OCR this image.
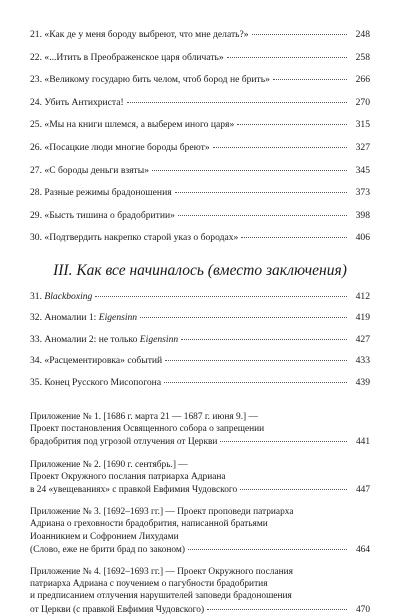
21. «Как де у меня бороду выбреют, что мне делать?»	248
22. «...Итить в Преображенское царя обличать»	258
23. «Великому государю бить челом, чтоб бород не брить»	266
24. Убить Антихриста!	270
25. «Мы на книги шлемся, а выберем иного царя»	315
26. «Посацкие люди многие бороды бреют»	327
27. «С бороды деньги взяты»	345
28. Разные режимы брадоношения	373
29. «Бысть тишина о брадобритии»	398
30. «Подтвердить накрепко старой указ о бородах»	406
III. Как все начиналось (вместо заключения)
31. Blackboxing	412
32. Аномалии 1: Eigensinn	419
33. Аномалии 2: не только Eigensinn	427
34. «Расцементировка» событий	433
35. Конец Русского Мисопогона	439
Приложение № 1. [1686 г. марта 21 — 1687 г. июня 9.] —
Проект постановления Освященного собора о запрещении
брадобрития под угрозой отлучения от Церкви	441
Приложение № 2. [1690 г. сентябрь.] —
Проект Окружного послания патриарха Адриана
в 24 «увещеваниях» с правкой Евфимия Чудовского	447
Приложение № 3. [1692–1693 гг.] — Проект проповеди патриарха
Адриана о греховности брадобрития, написанной братьями
Иоанникием и Софронием Лихудами
(Слово, еже не брити брад по законом)	464
Приложение № 4. [1692–1693 гг.] — Проект Окружного послания
патриарха Адриана с поучением о пагубности брадобрития
и предписанием отлучения нарушителей заповеди брадоношения
от Церкви (с правкой Евфимия Чудовского)	470
